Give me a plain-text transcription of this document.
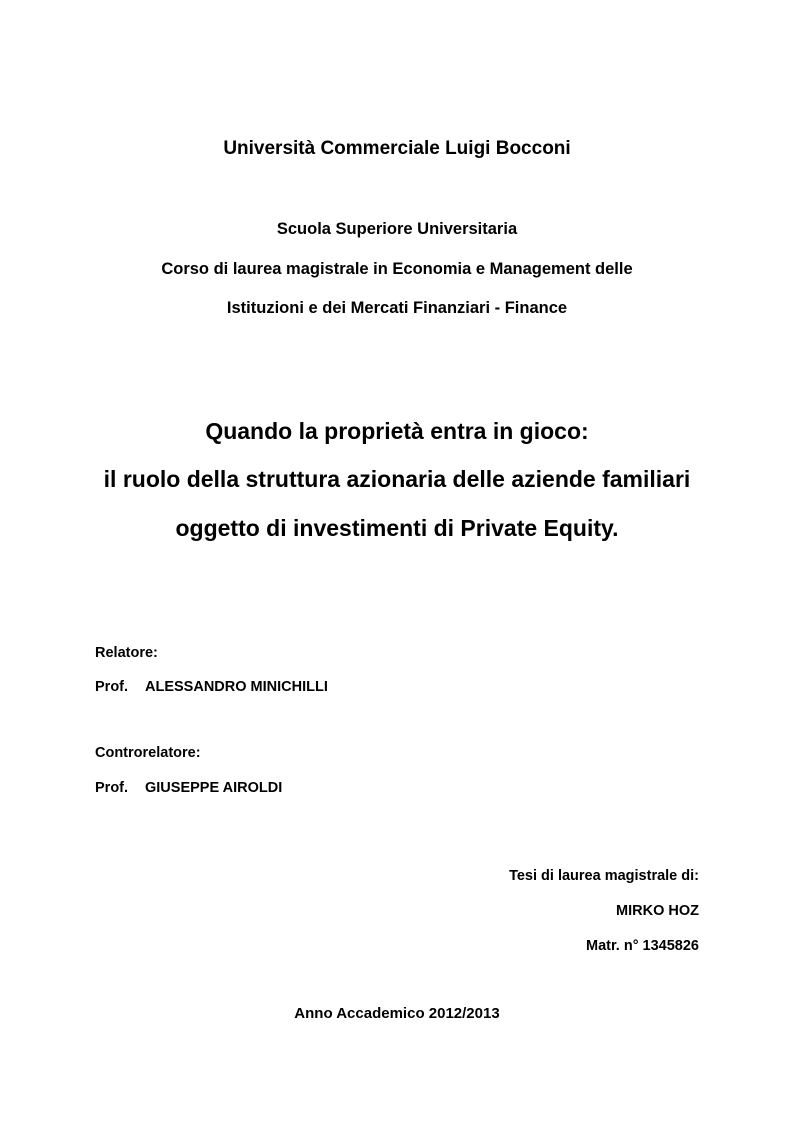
Università Commerciale Luigi Bocconi
Scuola Superiore Universitaria
Corso di laurea magistrale in Economia e Management delle
Istituzioni e dei Mercati Finanziari - Finance
Quando la proprietà entra in gioco:
il ruolo della struttura azionaria delle aziende familiari
oggetto di investimenti di Private Equity.
Relatore:
Prof. ALESSANDRO MINICHILLI
Controrelatore:
Prof. GIUSEPPE AIROLDI
Tesi di laurea magistrale di:
MIRKO HOZ
Matr. n° 1345826
Anno Accademico 2012/2013
